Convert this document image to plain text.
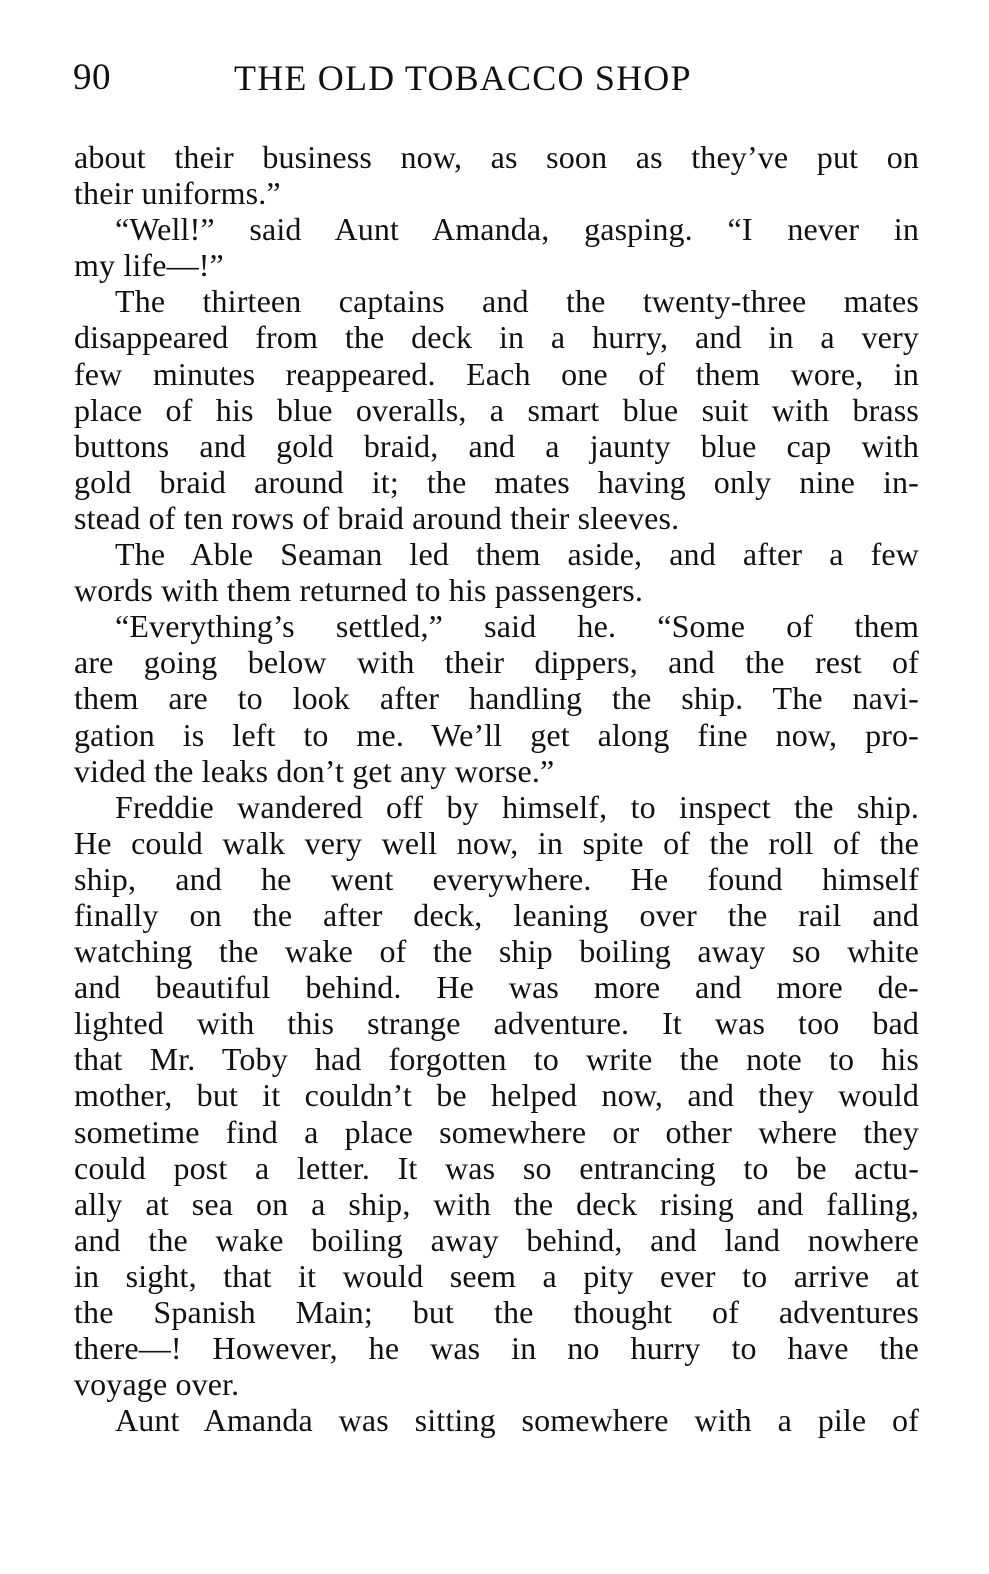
90	THE OLD TOBACCO SHOP
about their business now, as soon as they’ve put on
their uniforms.”
“Well!” said Aunt Amanda, gasping. “I never in
my life—!”
The thirteen captains and the twenty-three mates
disappeared from the deck in a hurry, and in a very
few minutes reappeared. Each one of them wore, in
place of his blue overalls, a smart blue suit with brass
buttons and gold braid, and a jaunty blue cap with
gold braid around it; the mates having only nine in-
stead of ten rows of braid around their sleeves.
The Able Seaman led them aside, and after a few
words with them returned to his passengers.
“Everything’s settled,” said he. “Some of them
are going below with their dippers, and the rest of
them are to look after handling the ship. The navi-
gation is left to me. We’ll get along fine now, pro-
vided the leaks don’t get any worse.”
Freddie wandered off by himself, to inspect the ship.
He could walk very well now, in spite of the roll of the
ship, and he went everywhere. He found himself
finally on the after deck, leaning over the rail and
watching the wake of the ship boiling away so white
and beautiful behind. He was more and more de-
lighted with this strange adventure. It was too bad
that Mr. Toby had forgotten to write the note to his
mother, but it couldn’t be helped now, and they would
sometime find a place somewhere or other where they
could post a letter. It was so entrancing to be actu-
ally at sea on a ship, with the deck rising and falling,
and the wake boiling away behind, and land nowhere
in sight, that it would seem a pity ever to arrive at
the Spanish Main; but the thought of adventures
there—! However, he was in no hurry to have the
voyage over.
Aunt Amanda was sitting somewhere with a pile of
